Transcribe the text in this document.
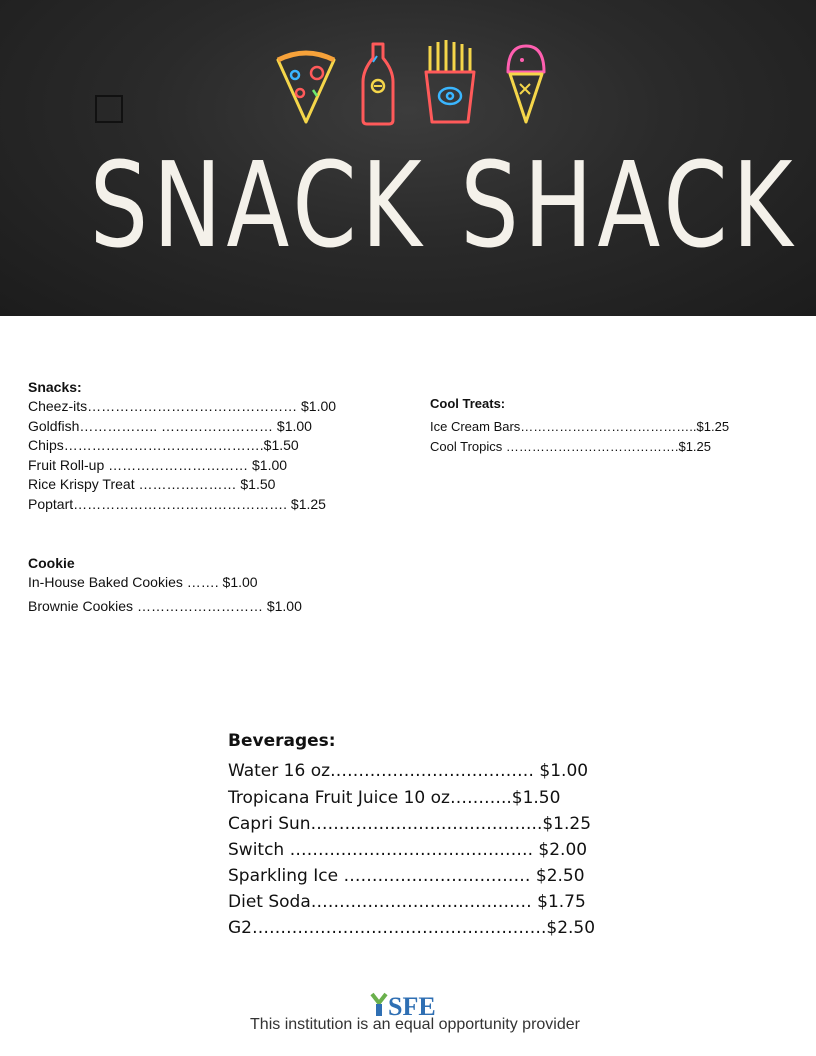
SNACK SHACK
Snacks:
Cheez-its……………………………………… $1.00
Goldfish…………….. …………………… $1.00
Chips…………………………………….$1.50
Fruit Roll-up ………………………… $1.00
Rice Krispy Treat ………………… $1.50
Poptart………………………………………. $1.25
Cookie
In-House Baked Cookies ……. $1.00
Brownie Cookies ……………………… $1.00
Cool Treats:
Ice Cream Bars…………………………………..$1.25
Cool Tropics ………………………………….$1.25
Beverages:
Water 16 oz……………………………… $1.00
Tropicana Fruit Juice 10 oz………..$1.50
Capri Sun…………………………………..$1.25
Switch ……………………………………. $2.00
Sparkling Ice …………………………… $2.50
Diet Soda………………………………… $1.75
G2…………………………………………….$2.50
SFE
This institution is an equal opportunity provider
